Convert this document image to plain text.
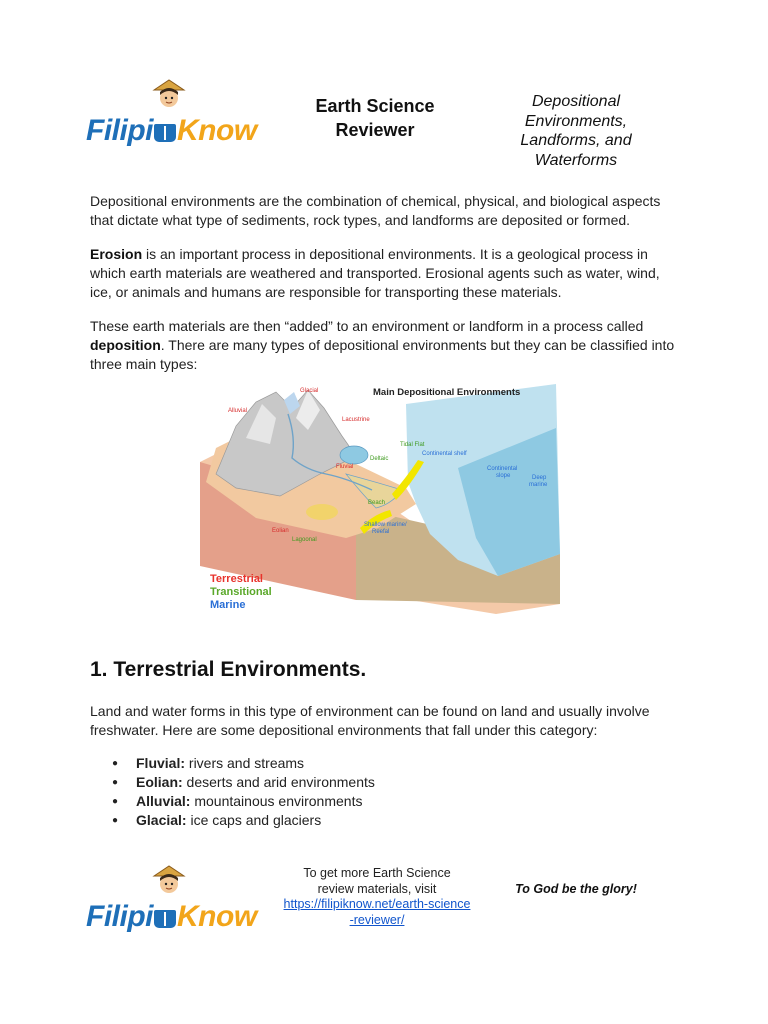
Filipi Know
Earth Science
Reviewer
Depositional
Environments,
Landforms, and
Waterforms

Depositional environments are the combination of chemical, physical, and biological aspects that dictate what type of sediments, rock types, and landforms are deposited or formed.

Erosion is an important process in depositional environments. It is a geological process in which earth materials are weathered and transported. Erosional agents such as water, wind, ice, or animals and humans are responsible for transporting these materials.

These earth materials are then “added” to an environment or landform in a process called deposition. There are many types of depositional environments but they can be classified into three main types:

Main Depositional Environments
Glacial
Alluvial
Lacustrine
Tidal Flat
Continental shelf
Fluvial
Deltaic
Continental
slope	Deep
marine
Beach
Eolian
Shallow marine/
Reefal
Lagoonal
Terrestrial
Transitional
Marine
1. Terrestrial Environments.
Land and water forms in this type of environment can be found on land and usually involve freshwater. Here are some depositional environments that fall under this category:
● Fluvial: rivers and streams
● Eolian: deserts and arid environments
● Alluvial: mountainous environments
● Glacial: ice caps and glaciers
Filipi Know
To get more Earth Science
review materials, visit
https://filipiknow.net/earth-science-reviewer/
To God be the glory!
